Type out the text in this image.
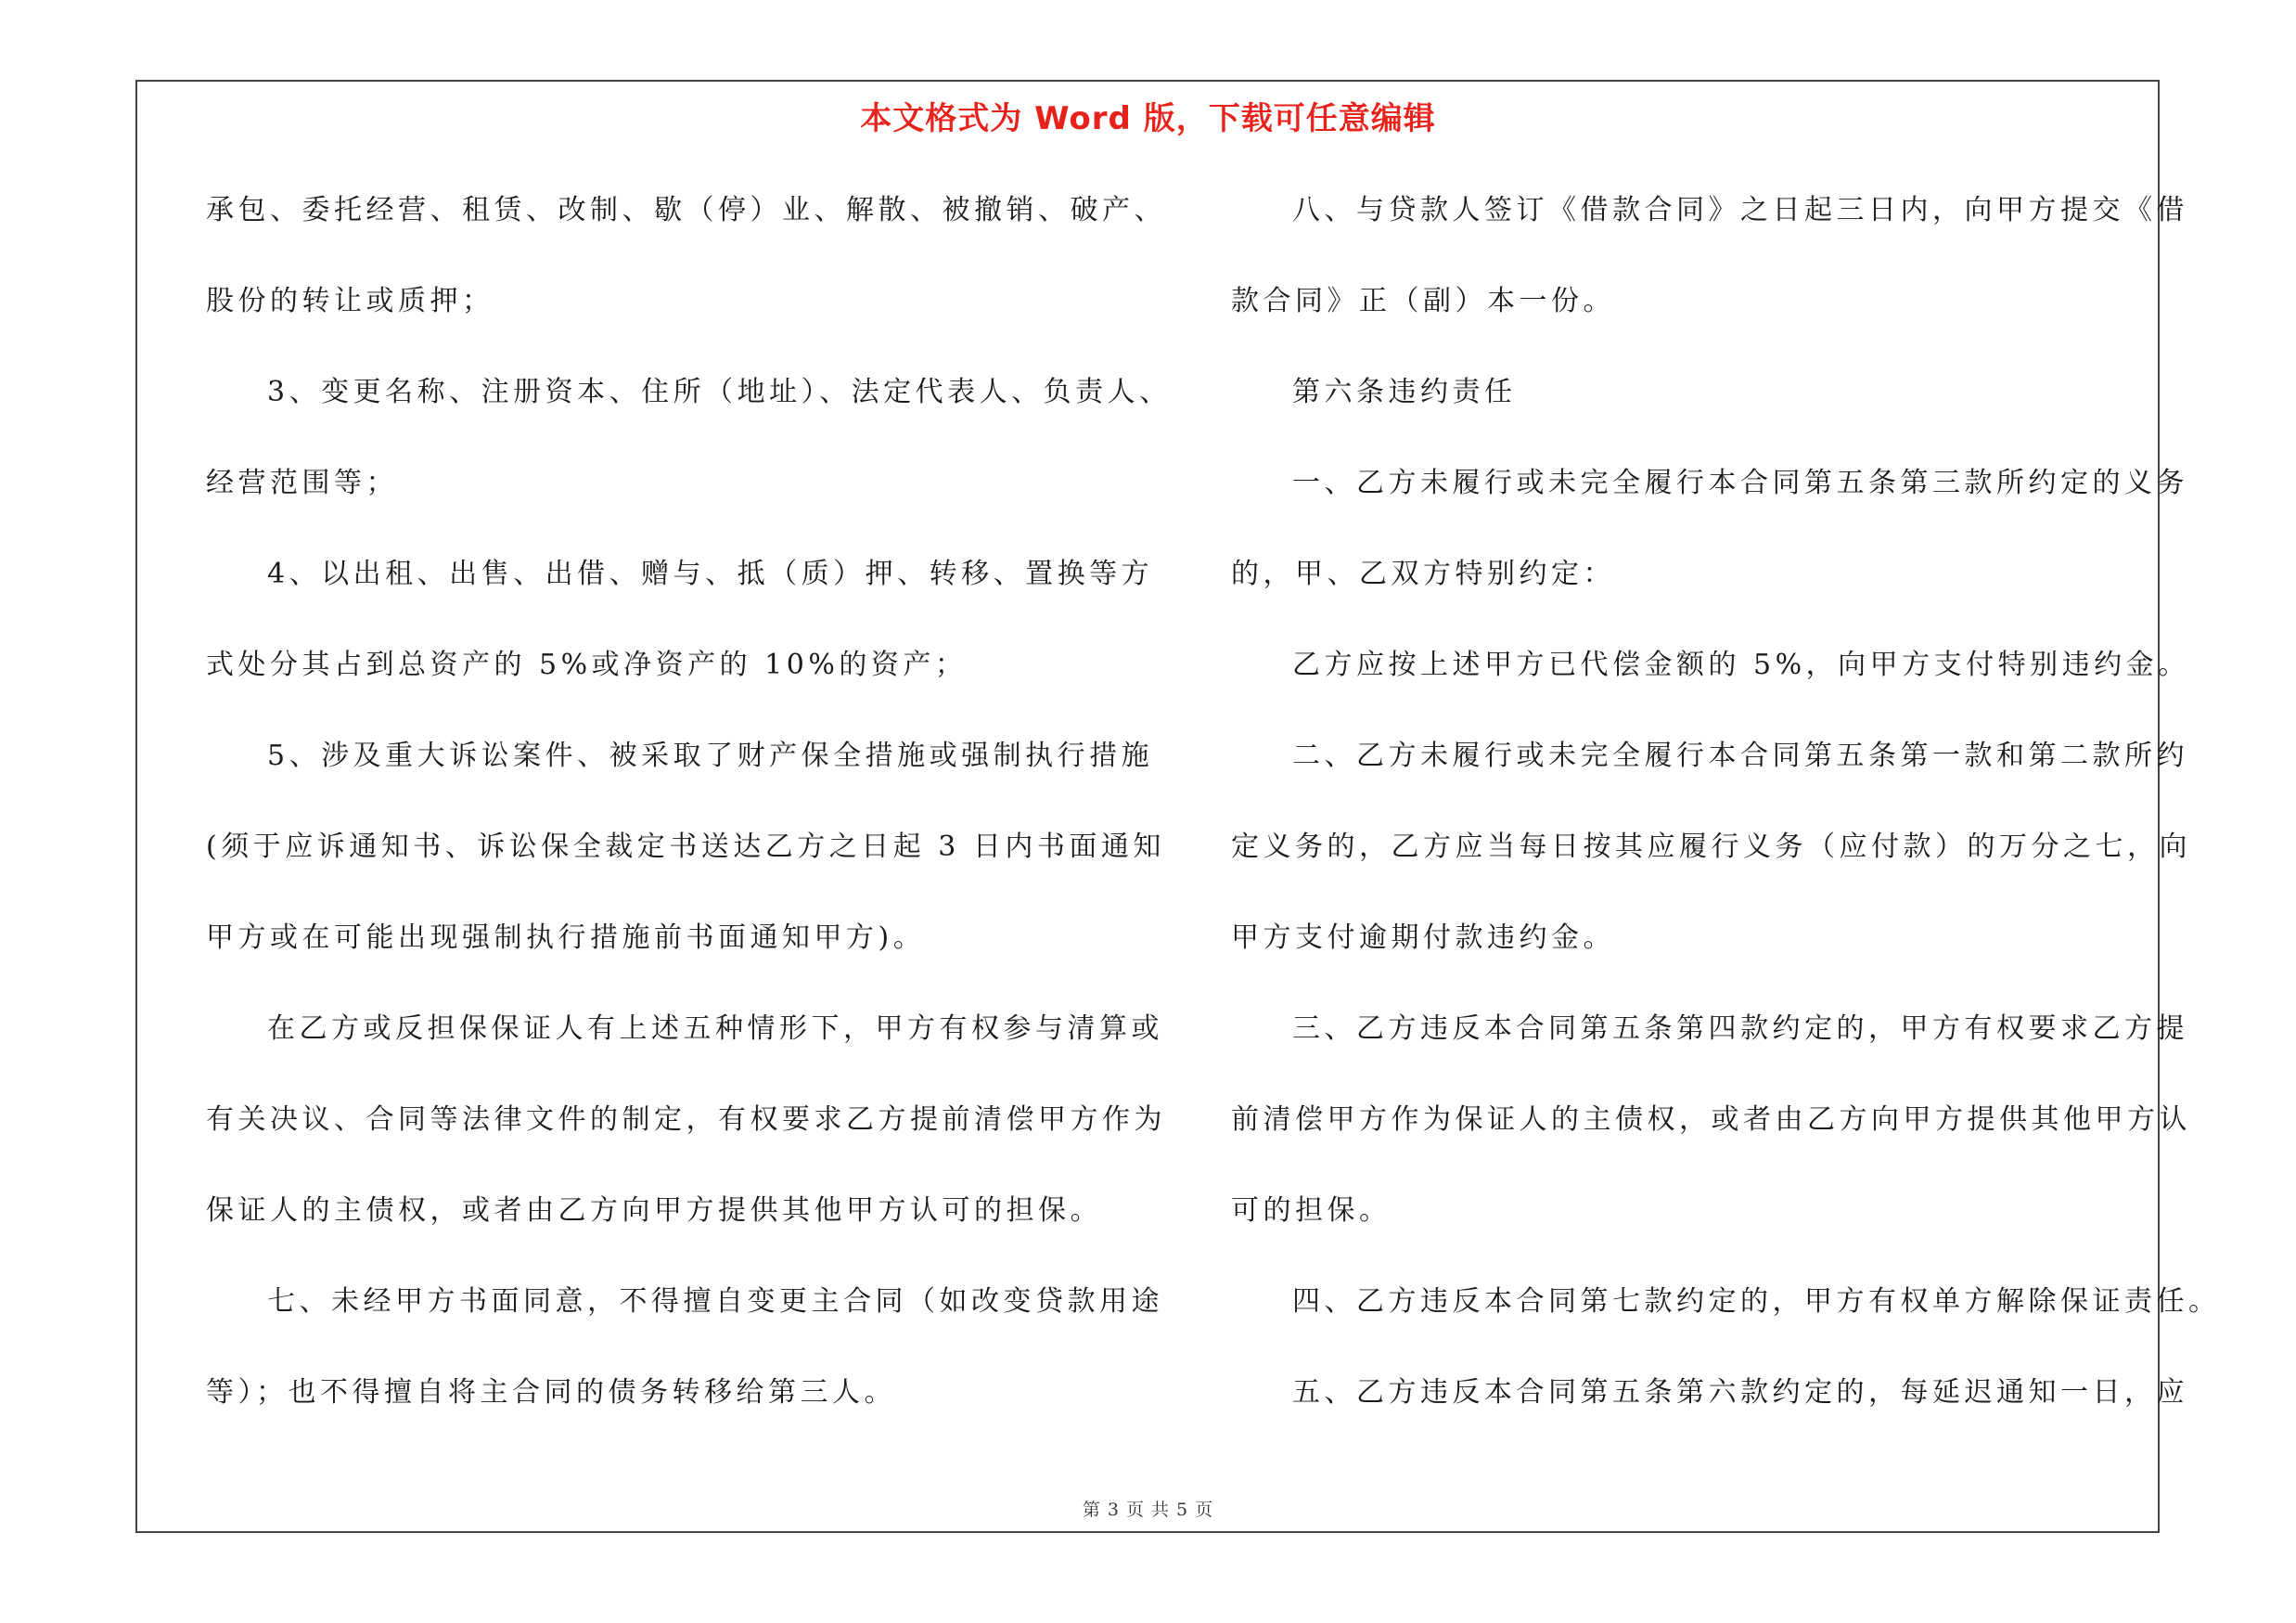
本文格式为 Word 版，下载可任意编辑
承包、委托经营、租赁、改制、歇（停）业、解散、被撤销、破产、
股份的转让或质押；
3、变更名称、注册资本、住所（地址）、法定代表人、负责人、
经营范围等；
4、以出租、出售、出借、赠与、抵（质）押、转移、置换等方
式处分其占到总资产的 5%或净资产的 10%的资产；
5、涉及重大诉讼案件、被采取了财产保全措施或强制执行措施
(须于应诉通知书、诉讼保全裁定书送达乙方之日起 3 日内书面通知
甲方或在可能出现强制执行措施前书面通知甲方)。
在乙方或反担保保证人有上述五种情形下，甲方有权参与清算或
有关决议、合同等法律文件的制定，有权要求乙方提前清偿甲方作为
保证人的主债权，或者由乙方向甲方提供其他甲方认可的担保。
七、未经甲方书面同意，不得擅自变更主合同（如改变贷款用途
等）；也不得擅自将主合同的债务转移给第三人。
八、与贷款人签订《借款合同》之日起三日内，向甲方提交《借
款合同》正（副）本一份。
第六条违约责任
一、乙方未履行或未完全履行本合同第五条第三款所约定的义务
的，甲、乙双方特别约定：
乙方应按上述甲方已代偿金额的 5%，向甲方支付特别违约金。
二、乙方未履行或未完全履行本合同第五条第一款和第二款所约
定义务的，乙方应当每日按其应履行义务（应付款）的万分之七，向
甲方支付逾期付款违约金。
三、乙方违反本合同第五条第四款约定的，甲方有权要求乙方提
前清偿甲方作为保证人的主债权，或者由乙方向甲方提供其他甲方认
可的担保。
四、乙方违反本合同第七款约定的，甲方有权单方解除保证责任。
五、乙方违反本合同第五条第六款约定的，每延迟通知一日，应
第 3 页 共 5 页
